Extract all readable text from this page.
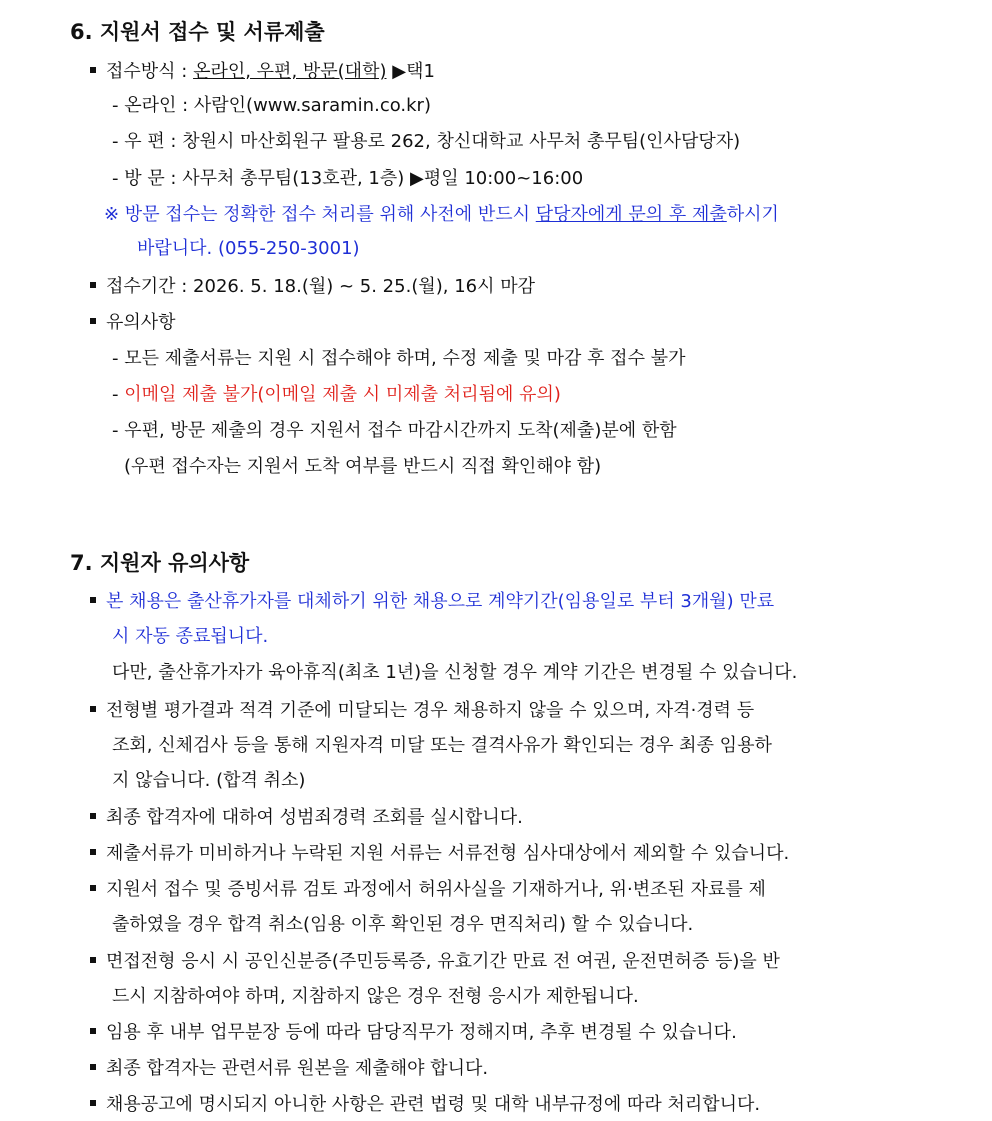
6. 지원서 접수 및 서류제출
접수방식 : 온라인, 우편, 방문(대학) ▶택1
- 온라인 : 사람인(www.saramin.co.kr)
- 우 편 : 창원시 마산회원구 팔용로 262, 창신대학교 사무처 총무팀(인사담당자)
- 방 문 : 사무처 총무팀(13호관, 1층) ▶평일 10:00~16:00
※ 방문 접수는 정확한 접수 처리를 위해 사전에 반드시 담당자에게 문의 후 제출하시기
바랍니다. (055-250-3001)
접수기간 : 2026. 5. 18.(월) ~ 5. 25.(월), 16시 마감
유의사항
- 모든 제출서류는 지원 시 접수해야 하며, 수정 제출 및 마감 후 접수 불가
- 이메일 제출 불가(이메일 제출 시 미제출 처리됨에 유의)
- 우편, 방문 제출의 경우 지원서 접수 마감시간까지 도착(제출)분에 한함
(우편 접수자는 지원서 도착 여부를 반드시 직접 확인해야 함)
7. 지원자 유의사항
본 채용은 출산휴가자를 대체하기 위한 채용으로 계약기간(임용일로 부터 3개월) 만료
시 자동 종료됩니다.
다만, 출산휴가자가 육아휴직(최초 1년)을 신청할 경우 계약 기간은 변경될 수 있습니다.
전형별 평가결과 적격 기준에 미달되는 경우 채용하지 않을 수 있으며, 자격·경력 등
조회, 신체검사 등을 통해 지원자격 미달 또는 결격사유가 확인되는 경우 최종 임용하
지 않습니다. (합격 취소)
최종 합격자에 대하여 성범죄경력 조회를 실시합니다.
제출서류가 미비하거나 누락된 지원 서류는 서류전형 심사대상에서 제외할 수 있습니다.
지원서 접수 및 증빙서류 검토 과정에서 허위사실을 기재하거나, 위·변조된 자료를 제
출하였을 경우 합격 취소(임용 이후 확인된 경우 면직처리) 할 수 있습니다.
면접전형 응시 시 공인신분증(주민등록증, 유효기간 만료 전 여권, 운전면허증 등)을 반
드시 지참하여야 하며, 지참하지 않은 경우 전형 응시가 제한됩니다.
임용 후 내부 업무분장 등에 따라 담당직무가 정해지며, 추후 변경될 수 있습니다.
최종 합격자는 관련서류 원본을 제출해야 합니다.
채용공고에 명시되지 아니한 사항은 관련 법령 및 대학 내부규정에 따라 처리합니다.
